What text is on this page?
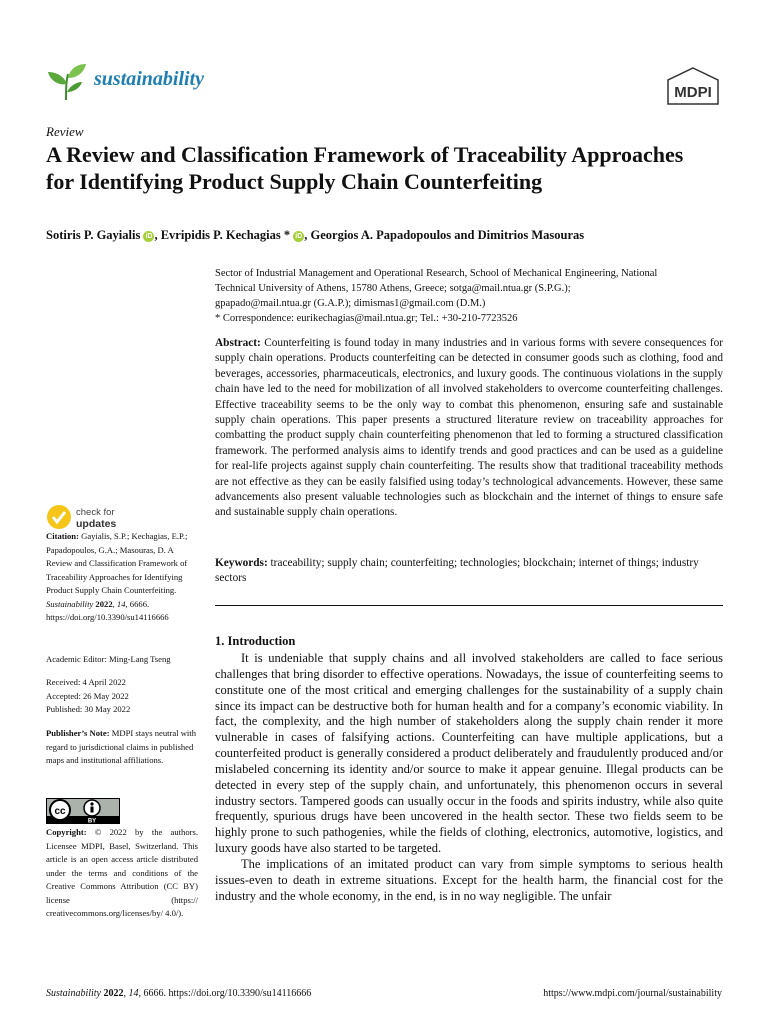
sustainability
MDPI
Review
A Review and Classification Framework of Traceability Approaches for Identifying Product Supply Chain Counterfeiting
Sotiris P. Gayialis iD , Evripidis P. Kechagias * iD , Georgios A. Papadopoulos and Dimitrios Masouras

Sector of Industrial Management and Operational Research, School of Mechanical Engineering, National

Technical University of Athens, 15780 Athens, Greece; sotga@mail.ntua.gr (S.P.G.);

gpapado@mail.ntua.gr (G.A.P.); dimismas1@gmail.com (D.M.)

* Correspondence: eurikechagias@mail.ntua.gr; Tel.: +30-210-7723526

Abstract: Counterfeiting is found today in many industries and in various forms with severe consequences for supply chain operations. Products counterfeiting can be detected in consumer goods such as clothing, food and beverages, accessories, pharmaceuticals, electronics, and luxury goods. The continuous violations in the supply chain have led to the need for mobilization of all involved stakeholders to overcome counterfeiting challenges. Effective traceability seems to be the only way to combat this phenomenon, ensuring safe and sustainable supply chain operations. This paper presents a structured literature review on traceability approaches for combatting the product supply chain counterfeiting phenomenon that led to forming a structured classification framework. The performed analysis aims to identify trends and good practices and can be used as a guideline for real-life projects against supply chain counterfeiting. The results show that traditional traceability methods are not effective as they can be easily falsified using today’s technological advancements. However, these same advancements also present valuable technologies such as blockchain and the internet of things to ensure safe and sustainable supply chain operations.
Keywords: traceability; supply chain; counterfeiting; technologies; blockchain; internet of things; industry sectors
1. Introduction

It is undeniable that supply chains and all involved stakeholders are called to face serious challenges that bring disorder to effective operations. Nowadays, the issue of counterfeiting seems to constitute one of the most critical and emerging challenges for the sustainability of a supply chain since its impact can be destructive both for human health and for a company’s economic viability. In fact, the complexity, and the high number of stakeholders along the supply chain render it more vulnerable in cases of falsifying actions. Counterfeiting can have multiple applications, but a counterfeited product is generally considered a product deliberately and fraudulently produced and/or mislabeled concerning its identity and/or source to make it appear genuine. Illegal products can be detected in every step of the supply chain, and unfortunately, this phenomenon occurs in several industry sectors. Tampered goods can usually occur in the foods and spirits industry, while also quite frequently, spurious drugs have been uncovered in the health sector. These two fields seem to be highly prone to such pathogenies, while the fields of clothing, electronics, automotive, logistics, and luxury goods have also started to be targeted.

The implications of an imitated product can vary from simple symptoms to serious health issues-even to death in extreme situations. Except for the health harm, the financial cost for the industry and the whole economy, in the end, is in no way negligible. The unfair

check for
updates
Citation: Gayialis, S.P.; Kechagias, E.P.; Papadopoulos, G.A.; Masouras, D. A Review and Classification Framework of Traceability Approaches for Identifying Product Supply Chain Counterfeiting. Sustainability 2022, 14, 6666. https://doi.org/10.3390/su14116666
Academic Editor: Ming-Lang Tseng
Received: 4 April 2022
Accepted: 26 May 2022
Published: 30 May 2022
Publisher’s Note: MDPI stays neutral with regard to jurisdictional claims in published maps and institutional affiliations.
cc
BY
Copyright: © 2022 by the authors. Licensee MDPI, Basel, Switzerland. This article is an open access article distributed under the terms and conditions of the Creative Commons Attribution (CC BY) license (https:// creativecommons.org/licenses/by/ 4.0/).
Sustainability 2022, 14, 6666. https://doi.org/10.3390/su14116666	https://www.mdpi.com/journal/sustainability
